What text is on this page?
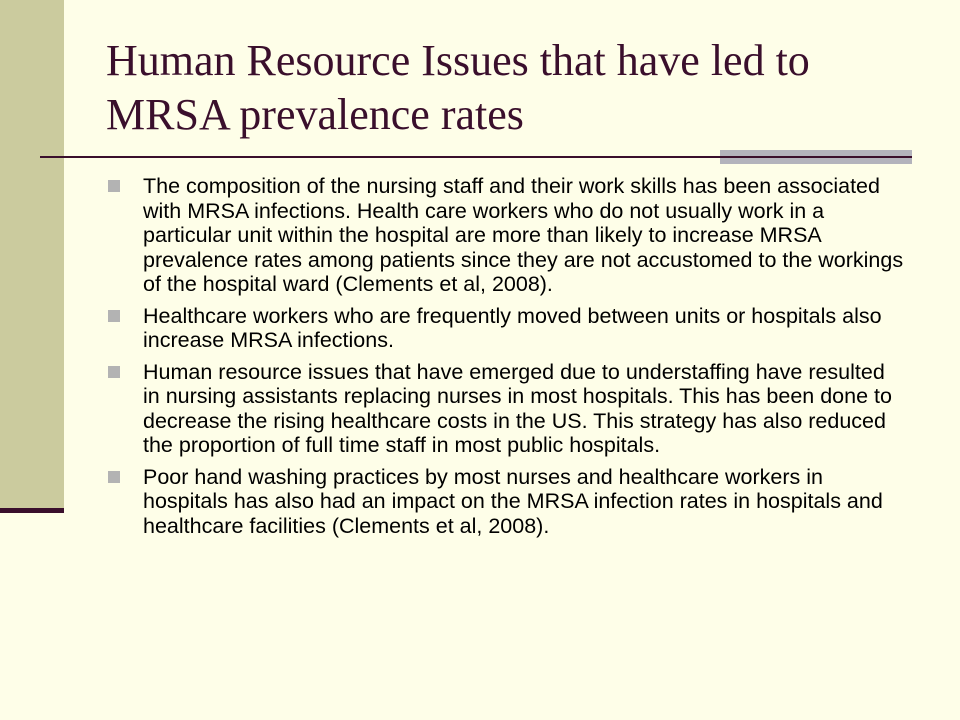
Human Resource Issues that have led to MRSA prevalence rates
The composition of the nursing staff and their work skills has been associated with MRSA infections. Health care workers who do not usually work in a particular unit within the hospital are more than likely to increase MRSA prevalence rates among patients since they are not accustomed to the workings of the hospital ward (Clements et al, 2008).
Healthcare workers who are frequently moved between units or hospitals also increase MRSA infections.
Human resource issues that have emerged due to understaffing have resulted in nursing assistants replacing nurses in most hospitals. This has been done to decrease the rising healthcare costs in the US. This strategy has also reduced the proportion of full time staff in most public hospitals.
Poor hand washing practices by most nurses and healthcare workers in hospitals has also had an impact on the MRSA infection rates in hospitals and healthcare facilities (Clements et al, 2008).
